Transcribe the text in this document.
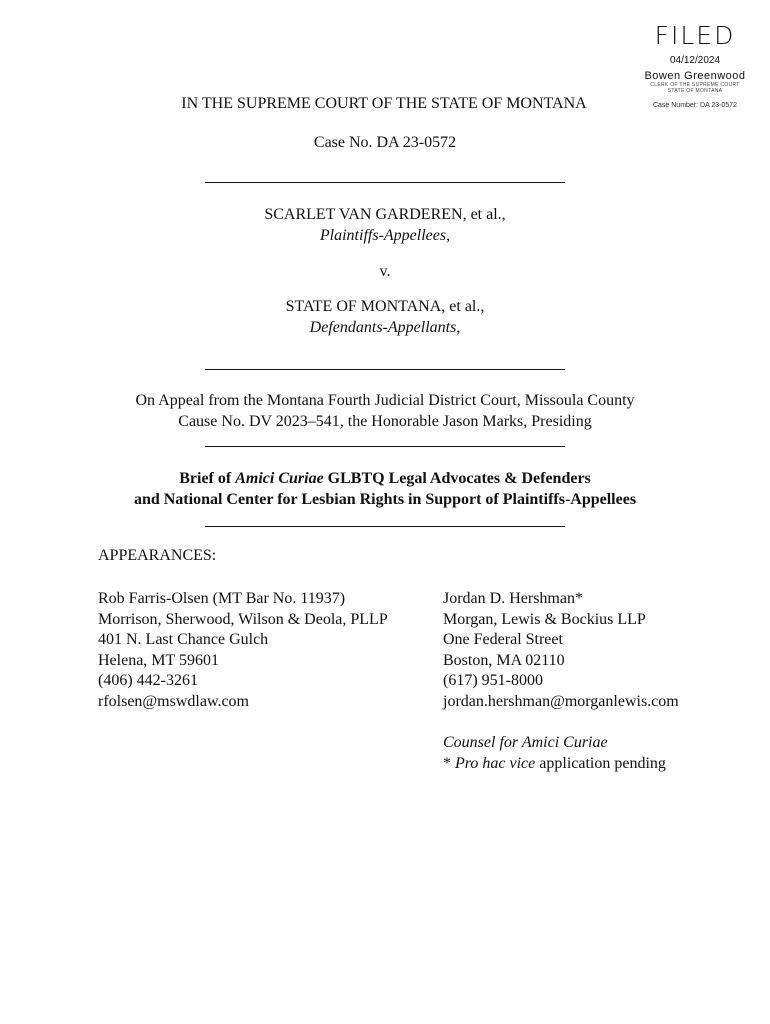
FILED
04/12/2024
Bowen Greenwood
CLERK OF THE SUPREME COURT
STATE OF MONTANA
Case Number: DA 23-0572
IN THE SUPREME COURT OF THE STATE OF MONTANA
Case No. DA 23-0572
SCARLET VAN GARDEREN, et al.,
Plaintiffs-Appellees,
v.
STATE OF MONTANA, et al.,
Defendants-Appellants,
On Appeal from the Montana Fourth Judicial District Court, Missoula County
Cause No. DV 2023–541, the Honorable Jason Marks, Presiding
Brief of Amici Curiae GLBTQ Legal Advocates & Defenders
and National Center for Lesbian Rights in Support of Plaintiffs-Appellees
APPEARANCES:
Rob Farris-Olsen (MT Bar No. 11937)
Morrison, Sherwood, Wilson & Deola, PLLP
401 N. Last Chance Gulch
Helena, MT 59601
(406) 442-3261
rfolsen@mswdlaw.com
Jordan D. Hershman*
Morgan, Lewis & Bockius LLP
One Federal Street
Boston, MA 02110
(617) 951-8000
jordan.hershman@morganlewis.com
Counsel for Amici Curiae
* Pro hac vice application pending
